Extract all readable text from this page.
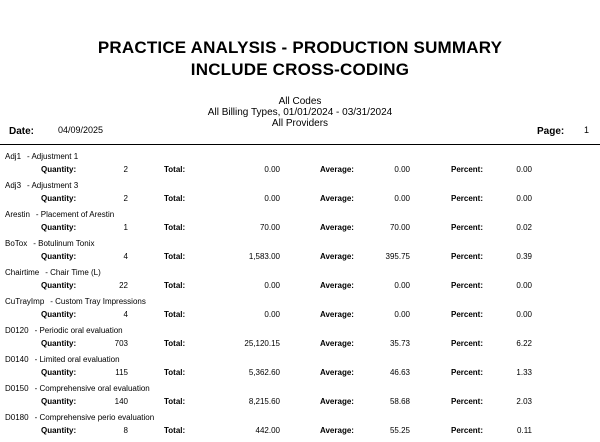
PRACTICE ANALYSIS - PRODUCTION SUMMARY
INCLUDE CROSS-CODING
All Codes
All Billing Types, 01/01/2024 - 03/31/2024
All Providers
Date:	04/09/2025	Page: 1
Adj1 - Adjustment 1
Quantity:	2	Total:	0.00	Average:	0.00	Percent:	0.00
Adj3 - Adjustment 3
Quantity:	2	Total:	0.00	Average:	0.00	Percent:	0.00
Arestin - Placement of Arestin
Quantity:	1	Total:	70.00	Average:	70.00	Percent:	0.02
BoTox - Botulinum Tonix
Quantity:	4	Total:	1,583.00	Average:	395.75	Percent:	0.39
Chairtime - Chair Time (L)
Quantity:	22	Total:	0.00	Average:	0.00	Percent:	0.00
CuTrayImp - Custom Tray Impressions
Quantity:	4	Total:	0.00	Average:	0.00	Percent:	0.00
D0120 - Periodic oral evaluation
Quantity:	703	Total:	25,120.15	Average:	35.73	Percent:	6.22
D0140 - Limited oral evaluation
Quantity:	115	Total:	5,362.60	Average:	46.63	Percent:	1.33
D0150 - Comprehensive oral evaluation
Quantity:	140	Total:	8,215.60	Average:	58.68	Percent:	2.03
D0180 - Comprehensive perio evaluation
Quantity:	8	Total:	442.00	Average:	55.25	Percent:	0.11
